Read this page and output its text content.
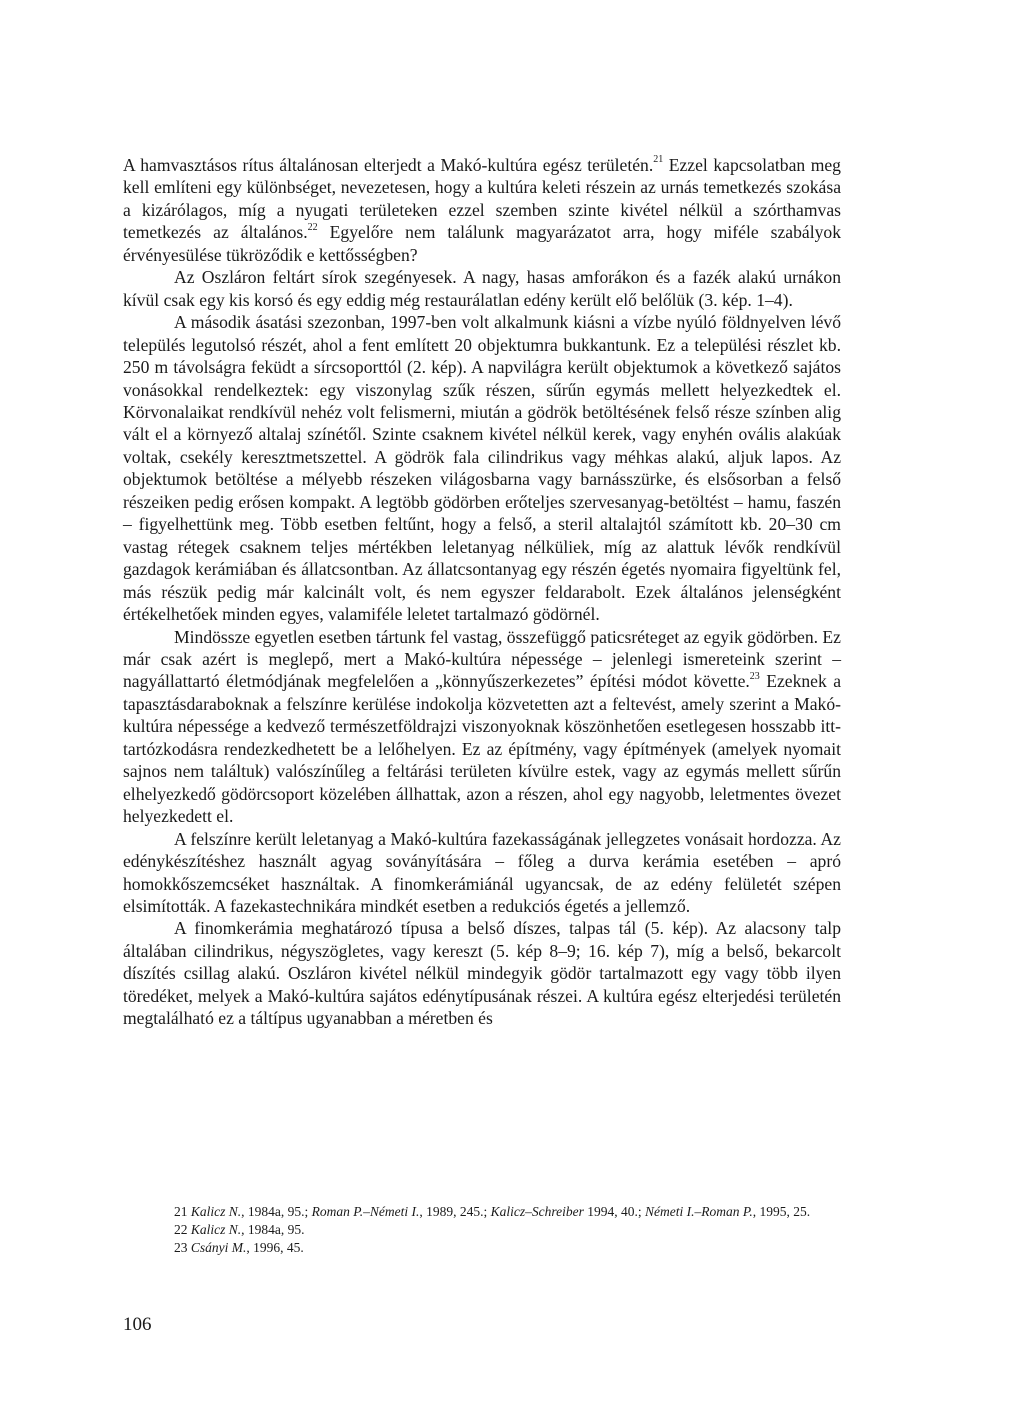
A hamvasztásos rítus általánosan elterjedt a Makó-kultúra egész területén.$^{21}$ Ezzel kapcsolatban meg kell említeni egy különbséget, nevezetesen, hogy a kultúra keleti részein az urnás temetkezés szokása a kizárólagos, míg a nyugati területeken ezzel szemben szinte kivétel nélkül a szórthamvas temetkezés az általános.$^{22}$ Egyelőre nem találunk magyarázatot arra, hogy miféle szabályok érvényesülése tükröződik e kettősségben?

Az Oszláron feltárt sírok szegényesek. A nagy, hasas amforákon és a fazék alakú urnákon kívül csak egy kis korsó és egy eddig még restaurálatlan edény került elő belőlük (3. kép. 1–4).

A második ásatási szezonban, 1997-ben volt alkalmunk kiásni a vízbe nyúló földnyelven lévő település legutolsó részét, ahol a fent említett 20 objektumra bukkantunk. Ez a települési részlet kb. 250 m távolságra feküdt a sírcsoporttól (2. kép). A napvilágra került objektumok a következő sajátos vonásokkal rendelkeztek: egy viszonylag szűk részen, sűrűn egymás mellett helyezkedtek el. Körvonalaikat rendkívül nehéz volt felismerni, miután a gödrök betöltésének felső része színben alig vált el a környező altalaj színétől. Szinte csaknem kivétel nélkül kerek, vagy enyhén ovális alakúak voltak, csekély keresztmetszettel. A gödrök fala cilindrikus vagy méhkas alakú, aljuk lapos. Az objektumok betöltése a mélyebb részeken világosbarna vagy barnásszürke, és elsősorban a felső részeiken pedig erősen kompakt. A legtöbb gödörben erőteljes szervesanyag-betöltést – hamu, faszén – figyelhettünk meg. Több esetben feltűnt, hogy a felső, a steril altalajtól számított kb. 20–30 cm vastag rétegek csaknem teljes mértékben leletanyag nélküliek, míg az alattuk lévők rendkívül gazdagok kerámiában és állatcsontban. Az állatcsontanyag egy részén égetés nyomaira figyeltünk fel, más részük pedig már kalcinált volt, és nem egyszer feldarabolt. Ezek általános jelenségként értékelhetőek minden egyes, valamiféle leletet tartalmazó gödörnél.

Mindössze egyetlen esetben tártunk fel vastag, összefüggő paticsréteget az egyik gödörben. Ez már csak azért is meglepő, mert a Makó-kultúra népessége – jelenlegi ismereteink szerint – nagyállattartó életmódjának megfelelően a „könnyűszerkezetes” építési módot követte.$^{23}$ Ezeknek a tapasztásdaraboknak a felszínre kerülése indokolja közvetetten azt a feltevést, amely szerint a Makó-kultúra népessége a kedvező természetföldrajzi viszonyoknak köszönhetően esetlegesen hosszabb itt-tartózkodásra rendezkedhetett be a lelőhelyen. Ez az építmény, vagy építmények (amelyek nyomait sajnos nem találtuk) valószínűleg a feltárási területen kívülre estek, vagy az egymás mellett sűrűn elhelyezkedő gödörcsoport közelében állhattak, azon a részen, ahol egy nagyobb, leletmentes övezet helyezkedett el.

A felszínre került leletanyag a Makó-kultúra fazekasságának jellegzetes vonásait hordozza. Az edénykészítéshez használt agyag soványítására – főleg a durva kerámia esetében – apró homokkőszemcséket használtak. A finomkerámiánál ugyancsak, de az edény felületét szépen elsimították. A fazekastechnikára mindkét esetben a redukciós égetés a jellemző.

A finomkerámia meghatározó típusa a belső díszes, talpas tál (5. kép). Az alacsony talp általában cilindrikus, négyszögletes, vagy kereszt (5. kép 8–9; 16. kép 7), míg a belső, bekarcolt díszítés csillag alakú. Oszláron kivétel nélkül mindegyik gödör tartalmazott egy vagy több ilyen töredéket, melyek a Makó-kultúra sajátos edénytípusának részei. A kultúra egész elterjedési területén megtalálható ez a táltípus ugyanabban a méretben és

21 Kalicz N., 1984a, 95.; Roman P.–Németi I., 1989, 245.; Kalicz–Schreiber 1994, 40.; Németi I.–Roman P., 1995, 25.

22 Kalicz N., 1984a, 95.

23 Csányi M., 1996, 45.

106
